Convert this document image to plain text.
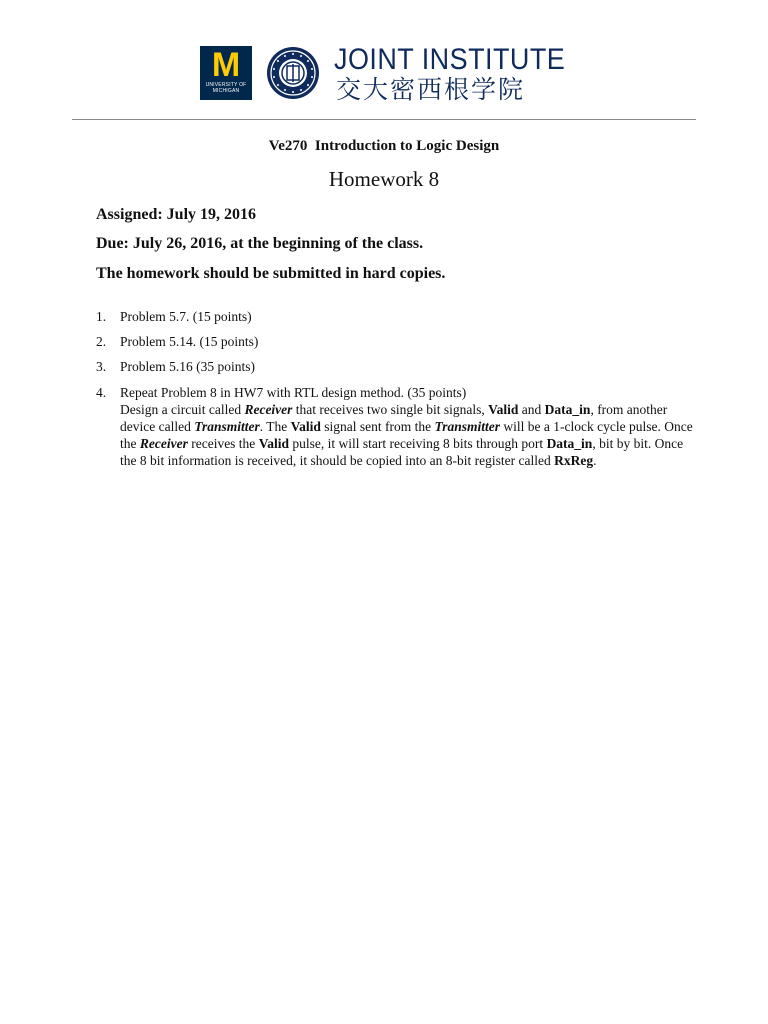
M
UNIVERSITY OF MICHIGAN
JOINT INSTITUTE
交大密西根学院
Ve270  Introduction to Logic Design
Homework 8
Assigned: July 19, 2016
Due: July 26, 2016, at the beginning of the class.
The homework should be submitted in hard copies.
1.	Problem 5.7. (15 points)
2.	Problem 5.14. (15 points)
3.	Problem 5.16 (35 points)
4.	Repeat Problem 8 in HW7 with RTL design method. (35 points)
Design a circuit called Receiver that receives two single bit signals, Valid and Data_in, from another device called Transmitter. The Valid signal sent from the Transmitter will be a 1-clock cycle pulse. Once the Receiver receives the Valid pulse, it will start receiving 8 bits through port Data_in, bit by bit. Once the 8 bit information is received, it should be copied into an 8-bit register called RxReg.
